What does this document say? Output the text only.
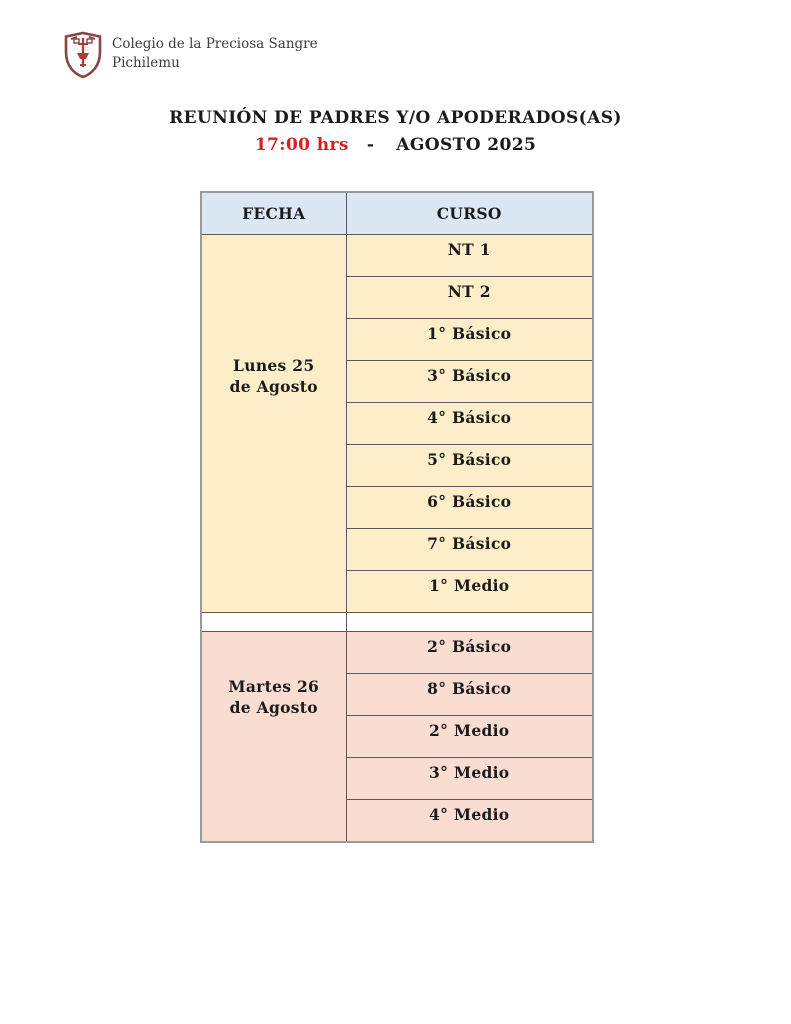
Colegio de la Preciosa Sangre
Pichilemu
REUNIÓN DE PADRES Y/O APODERADOS(AS)
17:00 hrs - AGOSTO 2025
FECHA	CURSO

Lunes 25
de Agosto	NT 1
	NT 2
	1° Básico
	3° Básico
	4° Básico
	5° Básico
	6° Básico
	7° Básico
	1° Medio

Martes 26
de Agosto	2° Básico
	8° Básico
	2° Medio
	3° Medio
	4° Medio
